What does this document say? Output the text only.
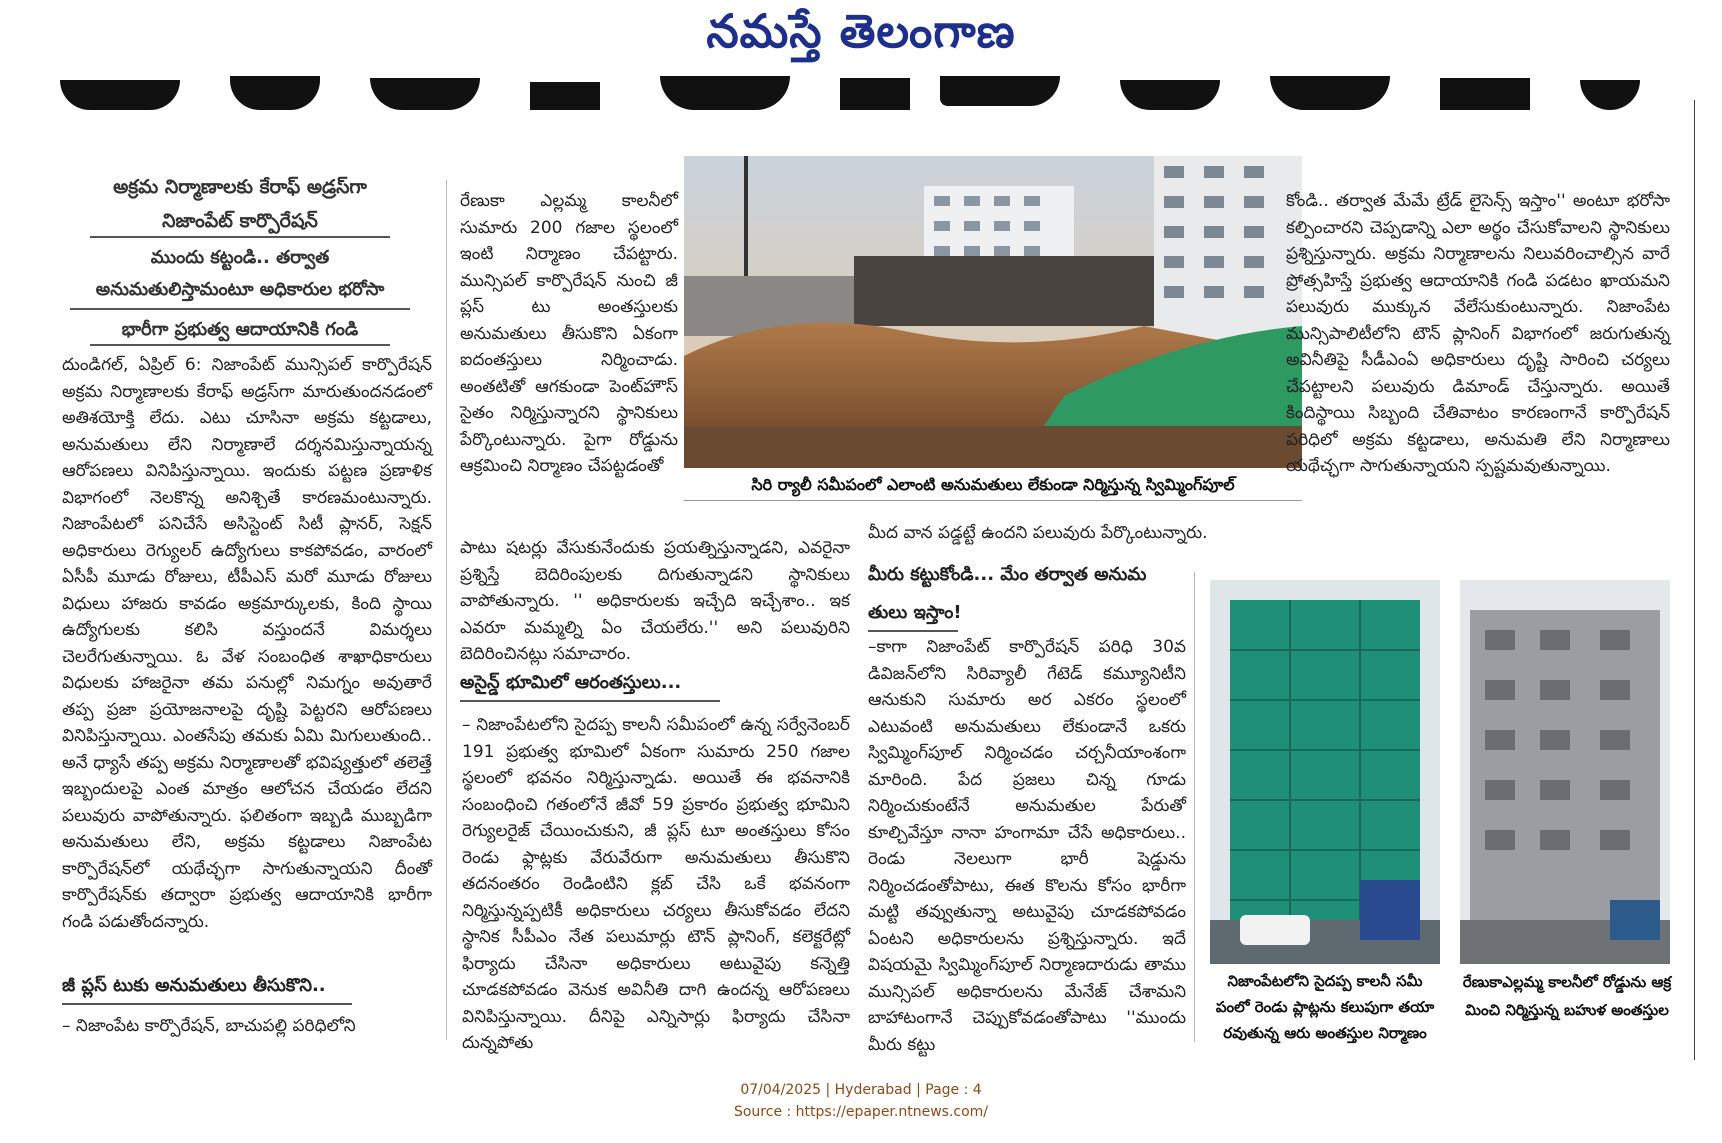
నమస్తే తెలంగాణ
అక్రమ నిర్మాణాలకు కేరాఫ్ అడ్రస్‌గా
నిజాంపేట్ కార్పొరేషన్
ముందు కట్టండి.. తర్వాత
అనుమతులిస్తామంటూ అధికారుల భరోసా
భారీగా ప్రభుత్వ ఆదాయానికి గండి

దుండిగల్, ఏప్రిల్ 6: నిజాంపేట్ మున్సిపల్ కార్పొరేషన్ అక్రమ నిర్మాణాలకు కేరాఫ్ అడ్రస్‌గా మారుతుందనడంలో అతిశయోక్తి లేదు. ఎటు చూసినా అక్రమ కట్టడాలు, అనుమతులు లేని నిర్మాణాలే దర్శనమిస్తున్నాయన్న ఆరోపణలు వినిపిస్తున్నాయి. ఇందుకు పట్టణ ప్రణాళిక విభాగంలో నెలకొన్న అనిశ్చితే కారణమంటున్నారు. నిజాంపేటలో పనిచేసే అసిస్టెంట్ సిటీ ప్లానర్, సెక్షన్ అధికారులు రెగ్యులర్ ఉద్యోగులు కాకపోవడం, వారంలో ఏసీపీ మూడు రోజులు, టీపీఎస్ మరో మూడు రోజులు విధులు హాజరు కావడం అక్రమార్కులకు, కింది స్థాయి ఉద్యోగులకు కలిసి వస్తుందనే విమర్శలు చెలరేగుతున్నాయి. ఓ వేళ సంబంధిత శాఖాధికారులు విధులకు హాజరైనా తమ పనుల్లో నిమగ్నం అవుతారే తప్ప ప్రజా ప్రయోజనాలపై దృష్టి పెట్టరని ఆరోపణలు వినిపిస్తున్నాయి. ఎంతసేపు తమకు ఏమి మిగులుతుంది.. అనే ధ్యాసే తప్ప అక్రమ నిర్మాణాలతో భవిష్యత్తులో తలెత్తే ఇబ్బందులపై ఎంత మాత్రం ఆలోచన చేయడం లేదని పలువురు వాపోతున్నారు. ఫలితంగా ఇబ్బడి ముబ్బడిగా అనుమతులు లేని, అక్రమ కట్టడాలు నిజాంపేట కార్పొరేషన్‌లో యథేచ్ఛగా సాగుతున్నాయని దీంతో కార్పొరేషన్‌కు తద్వారా ప్రభుత్వ ఆదాయానికి భారీగా గండి పడుతోందన్నారు.

జీ ప్లస్ టుకు అనుమతులు తీసుకొని..

– నిజాంపేట కార్పొరేషన్, బాచుపల్లి పరిధిలోని

రేణుకా ఎల్లమ్మ కాలనీలో సుమారు 200 గజాల స్థలంలో ఇంటి నిర్మాణం చేపట్టారు. మున్సిపల్ కార్పొరేషన్ నుంచి జీ ప్లస్ టు అంతస్తులకు అనుమతులు తీసుకొని ఏకంగా ఐదంతస్తులు నిర్మించాడు. అంతటితో ఆగకుండా పెంట్‌హౌస్ సైతం నిర్మిస్తున్నారని స్థానికులు పేర్కొంటున్నారు. పైగా రోడ్డును ఆక్రమించి నిర్మాణం చేపట్టడంతో

పాటు షటర్లు వేసుకునేందుకు ప్రయత్నిస్తున్నాడని, ఎవరైనా ప్రశ్నిస్తే బెదిరింపులకు దిగుతున్నాడని స్థానికులు వాపోతున్నారు. '' అధికారులకు ఇచ్చేది ఇచ్చేశాం.. ఇక ఎవరూ మమ్మల్ని ఏం చేయలేరు.'' అని పలువురిని బెదిరించినట్లు సమాచారం.

అసైన్డ్ భూమిలో ఆరంతస్తులు...

– నిజాంపేటలోని సైదప్ప కాలనీ సమీపంలో ఉన్న సర్వేనెంబర్ 191 ప్రభుత్వ భూమిలో ఏకంగా సుమారు 250 గజాల స్థలంలో భవనం నిర్మిస్తున్నాడు. అయితే ఈ భవనానికి సంబంధించి గతంలోనే జీవో 59 ప్రకారం ప్రభుత్వ భూమిని రెగ్యులరైజ్ చేయించుకుని, జీ ప్లస్ టూ అంతస్తులు కోసం రెండు ఫ్లాట్లకు వేరువేరుగా అనుమతులు తీసుకొని తదనంతరం రెండింటిని క్లబ్ చేసి ఒకే భవనంగా నిర్మిస్తున్నప్పటికీ అధికారులు చర్యలు తీసుకోవడం లేదని స్థానిక సీపీఎం నేత పలుమార్లు టౌన్ ప్లానింగ్, కలెక్టరేట్లో ఫిర్యాదు చేసినా అధికారులు అటువైపు కన్నెత్తి చూడకపోవడం వెనుక అవినీతి దాగి ఉందన్న ఆరోపణలు వినిపిస్తున్నాయి. దీనిపై ఎన్నిసార్లు ఫిర్యాదు చేసినా దున్నపోతు

సిరి ర్యాలీ సమీపంలో ఎలాంటి అనుమతులు లేకుండా నిర్మిస్తున్న స్విమ్మింగ్‌పూల్

మీద వాన పడ్డట్టే ఉందని పలువురు పేర్కొంటున్నారు.

మీరు కట్టుకోండి... మేం తర్వాత అనుమ
తులు ఇస్తాం!

–కాగా నిజాంపేట్ కార్పొరేషన్ పరిధి 30వ డివిజన్‌లోని సిరివ్యాలీ గేటెడ్ కమ్యూనిటీని ఆనుకుని సుమారు అర ఎకరం స్థలంలో ఎటువంటి అనుమతులు లేకుండానే ఒకరు స్విమ్మింగ్‌పూల్ నిర్మించడం చర్చనీయాంశంగా మారింది. పేద ప్రజలు చిన్న గూడు నిర్మించుకుంటేనే అనుమతుల పేరుతో కూల్చివేస్తూ నానా హంగామా చేసే అధికారులు.. రెండు నెలలుగా భారీ షెడ్డును నిర్మించడంతోపాటు, ఈత కొలను కోసం భారీగా మట్టి తవ్వుతున్నా అటువైపు చూడకపోవడం ఏంటని అధికారులను ప్రశ్నిస్తున్నారు. ఇదే విషయమై స్విమ్మింగ్‌పూల్ నిర్మాణదారుడు తాము మున్సిపల్ అధికారులను మేనేజ్ చేశామని బాహాటంగానే చెప్పుకోవడంతోపాటు ''ముందు మీరు కట్టు

కోండి.. తర్వాత మేమే ట్రేడ్ లైసెన్స్ ఇస్తాం'' అంటూ భరోసా కల్పించారని చెప్పడాన్ని ఎలా అర్థం చేసుకోవాలని స్థానికులు ప్రశ్నిస్తున్నారు. అక్రమ నిర్మాణాలను నిలువరించాల్సిన వారే ప్రోత్సహిస్తే ప్రభుత్వ ఆదాయానికి గండి పడటం ఖాయమని పలువురు ముక్కున వేలేసుకుంటున్నారు. నిజాంపేట మున్సిపాలిటీలోని టౌన్ ప్లానింగ్ విభాగంలో జరుగుతున్న అవినీతిపై సీడీఎంఏ అధికారులు దృష్టి సారించి చర్యలు చేపట్టాలని పలువురు డిమాండ్ చేస్తున్నారు. అయితే కిందిస్థాయి సిబ్బంది చేతివాటం కారణంగానే కార్పొరేషన్ పరిధిలో అక్రమ కట్టడాలు, అనుమతి లేని నిర్మాణాలు యథేచ్ఛగా సాగుతున్నాయని స్పష్టమవుతున్నాయి.

నిజాంపేటలోని సైదప్ప కాలనీ సమీ
పంలో రెండు ప్లాట్లను కలుపుగా తయా
రవుతున్న ఆరు అంతస్తుల నిర్మాణం
రేణుకాఎల్లమ్మ కాలనీలో రోడ్డును ఆక్ర
మించి నిర్మిస్తున్న బహుళ అంతస్తుల
07/04/2025 | Hyderabad | Page : 4
Source : https://epaper.ntnews.com/
